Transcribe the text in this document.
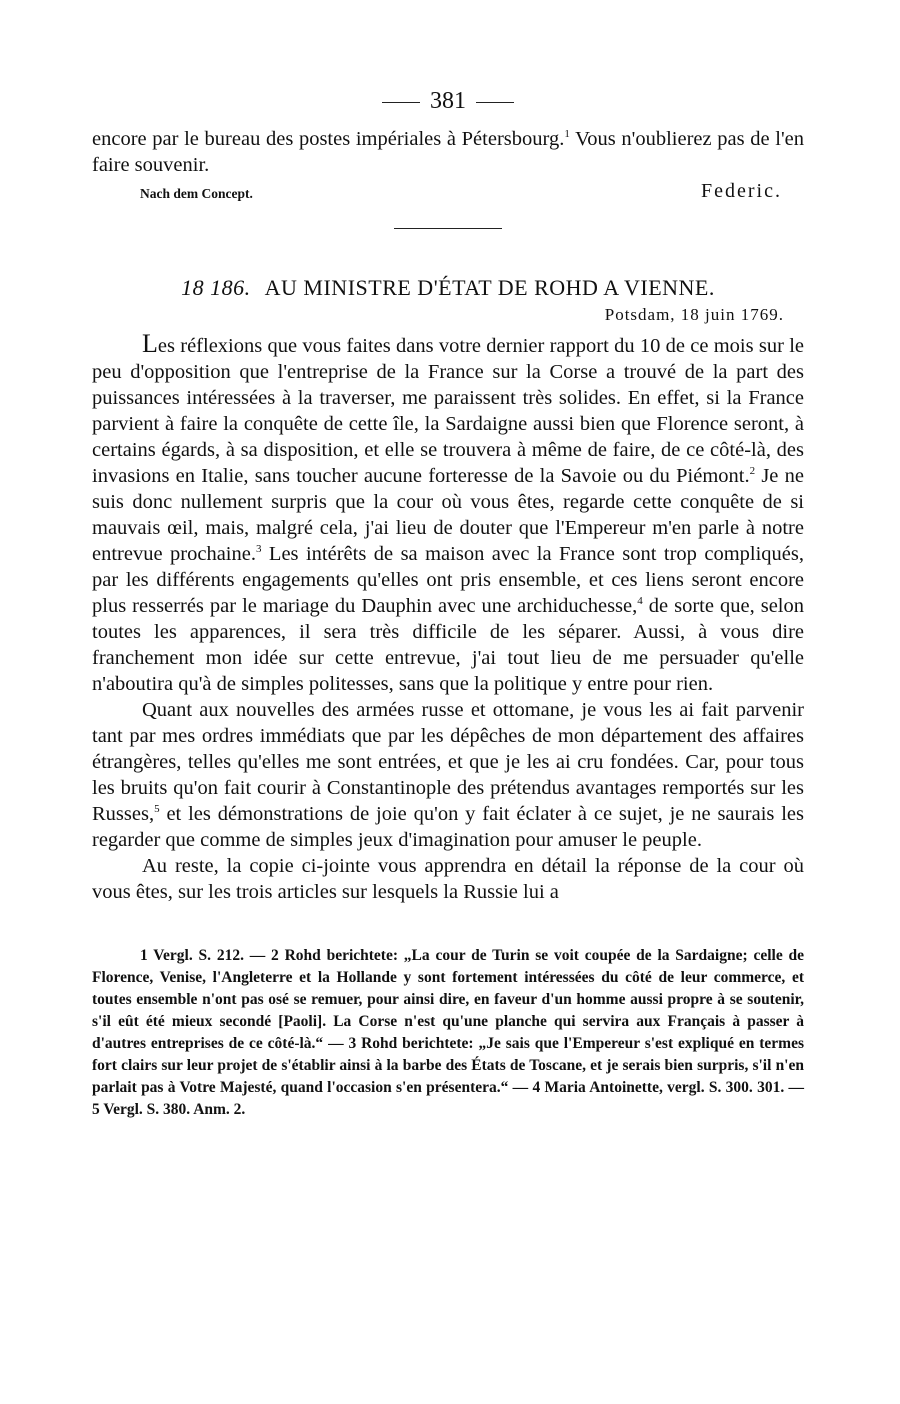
381

encore par le bureau des postes impériales à Pétersbourg.$^1$ Vous n'oublierez pas de l'en faire souvenir.

Nach dem Concept.	Federic.
18 186. AU MINISTRE D'ÉTAT DE ROHD A VIENNE.
Potsdam, 18 juin 1769.

Les réflexions que vous faites dans votre dernier rapport du 10 de ce mois sur le peu d'opposition que l'entreprise de la France sur la Corse a trouvé de la part des puissances intéressées à la traverser, me paraissent très solides. En effet, si la France parvient à faire la conquête de cette île, la Sardaigne aussi bien que Florence seront, à certains égards, à sa disposition, et elle se trouvera à même de faire, de ce côté-là, des invasions en Italie, sans toucher aucune forteresse de la Savoie ou du Piémont.$^2$ Je ne suis donc nullement surpris que la cour où vous êtes, regarde cette conquête de si mauvais œil, mais, malgré cela, j'ai lieu de douter que l'Empereur m'en parle à notre entrevue prochaine.$^3$ Les intérêts de sa maison avec la France sont trop compliqués, par les différents engagements qu'elles ont pris ensemble, et ces liens seront encore plus resserrés par le mariage du Dauphin avec une archiduchesse,$^4$ de sorte que, selon toutes les apparences, il sera très difficile de les séparer. Aussi, à vous dire franchement mon idée sur cette entrevue, j'ai tout lieu de me persuader qu'elle n'aboutira qu'à de simples politesses, sans que la politique y entre pour rien.

Quant aux nouvelles des armées russe et ottomane, je vous les ai fait parvenir tant par mes ordres immédiats que par les dépêches de mon département des affaires étrangères, telles qu'elles me sont entrées, et que je les ai cru fondées. Car, pour tous les bruits qu'on fait courir à Constantinople des prétendus avantages remportés sur les Russes,$^5$ et les démonstrations de joie qu'on y fait éclater à ce sujet, je ne saurais les regarder que comme de simples jeux d'imagination pour amuser le peuple.

Au reste, la copie ci-jointe vous apprendra en détail la réponse de la cour où vous êtes, sur les trois articles sur lesquels la Russie lui a

1 Vergl. S. 212. — 2 Rohd berichtete: „La cour de Turin se voit coupée de la Sardaigne; celle de Florence, Venise, l'Angleterre et la Hollande y sont fortement intéressées du côté de leur commerce, et toutes ensemble n'ont pas osé se remuer, pour ainsi dire, en faveur d'un homme aussi propre à se soutenir, s'il eût été mieux secondé [Paoli]. La Corse n'est qu'une planche qui servira aux Français à passer à d'autres entreprises de ce côté-là.“ — 3 Rohd berichtete: „Je sais que l'Empereur s'est expliqué en termes fort clairs sur leur projet de s'établir ainsi à la barbe des États de Toscane, et je serais bien surpris, s'il n'en parlait pas à Votre Majesté, quand l'occasion s'en présentera.“ — 4 Maria Antoinette, vergl. S. 300. 301. — 5 Vergl. S. 380. Anm. 2.
